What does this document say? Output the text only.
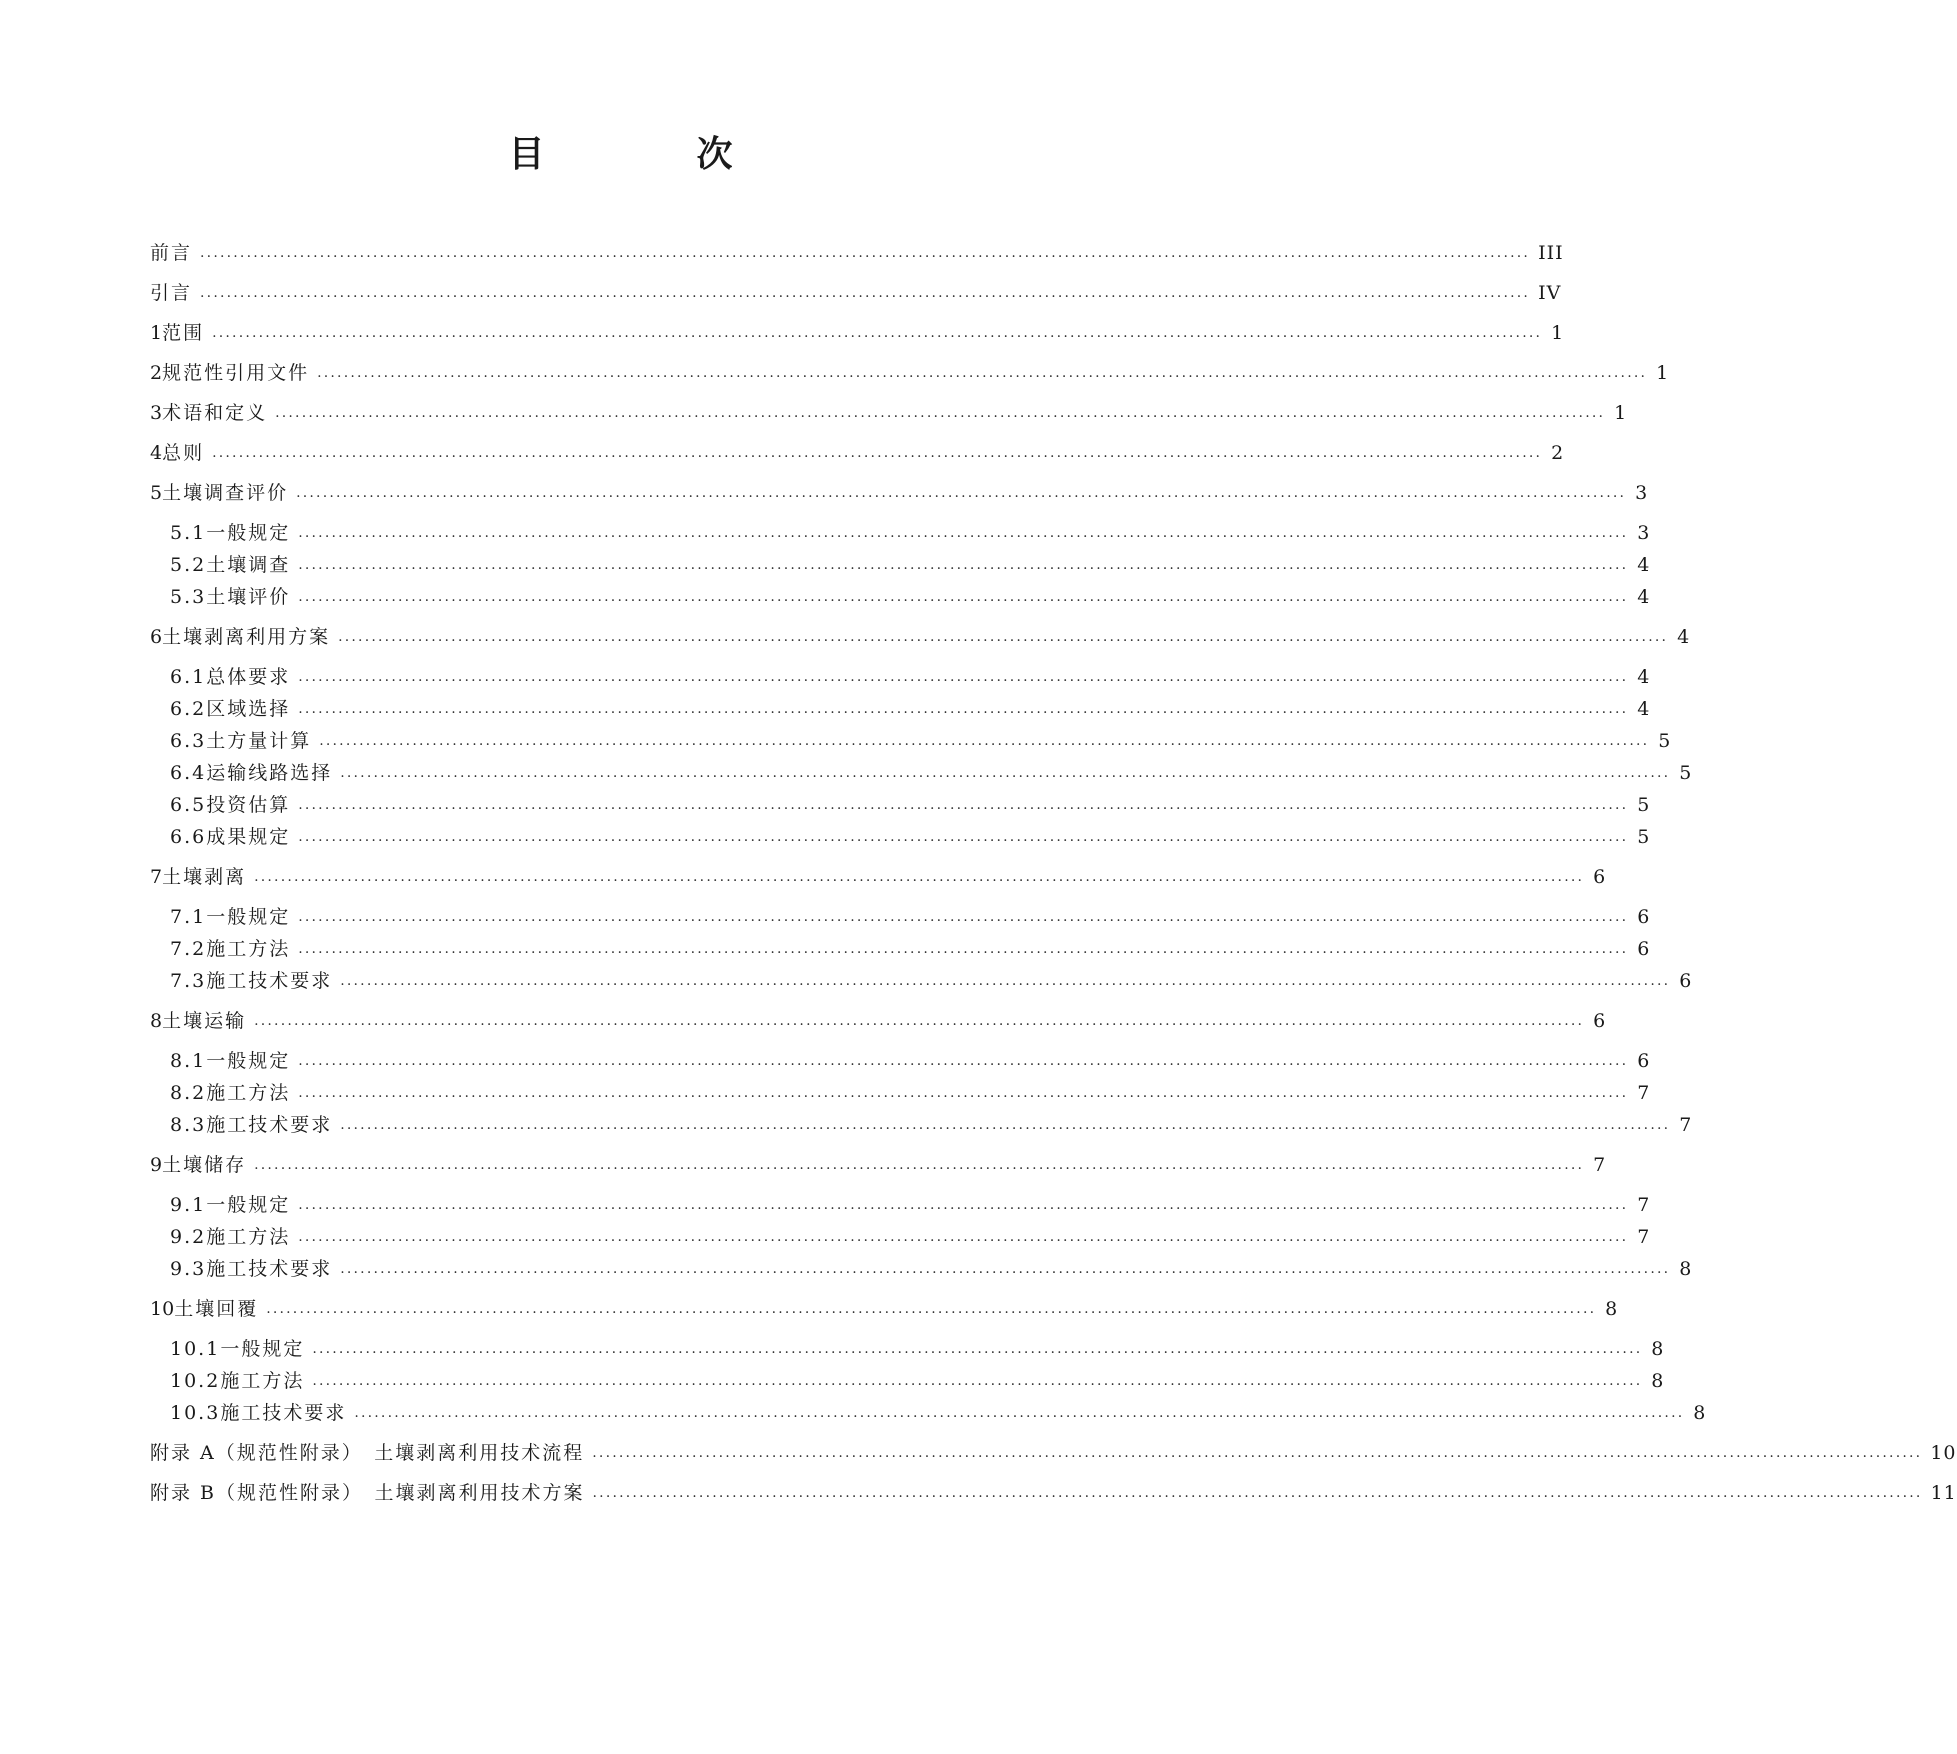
目　次
前言 ........................................................................................................................................................................................................ III
引言 ........................................................................................................................................................................................................ IV
1 范围 ........................................................................................................................................................................................................ 1
2 规范性引用文件 ........................................................................................................................................................................................................ 1
3 术语和定义 ........................................................................................................................................................................................................ 1
4 总则 ........................................................................................................................................................................................................ 2
5 土壤调查评价 ........................................................................................................................................................................................................ 3
5.1 一般规定 ........................................................................................................................................................................................................ 3
5.2 土壤调查 ........................................................................................................................................................................................................ 4
5.3 土壤评价 ........................................................................................................................................................................................................ 4
6 土壤剥离利用方案 ........................................................................................................................................................................................................ 4
6.1 总体要求 ........................................................................................................................................................................................................ 4
6.2 区域选择 ........................................................................................................................................................................................................ 4
6.3 土方量计算 ........................................................................................................................................................................................................ 5
6.4 运输线路选择 ........................................................................................................................................................................................................ 5
6.5 投资估算 ........................................................................................................................................................................................................ 5
6.6 成果规定 ........................................................................................................................................................................................................ 5
7 土壤剥离 ........................................................................................................................................................................................................ 6
7.1 一般规定 ........................................................................................................................................................................................................ 6
7.2 施工方法 ........................................................................................................................................................................................................ 6
7.3 施工技术要求 ........................................................................................................................................................................................................ 6
8 土壤运输 ........................................................................................................................................................................................................ 6
8.1 一般规定 ........................................................................................................................................................................................................ 6
8.2 施工方法 ........................................................................................................................................................................................................ 7
8.3 施工技术要求 ........................................................................................................................................................................................................ 7
9 土壤储存 ........................................................................................................................................................................................................ 7
9.1 一般规定 ........................................................................................................................................................................................................ 7
9.2 施工方法 ........................................................................................................................................................................................................ 7
9.3 施工技术要求 ........................................................................................................................................................................................................ 8
10 土壤回覆 ........................................................................................................................................................................................................ 8
10.1 一般规定 ........................................................................................................................................................................................................ 8
10.2 施工方法 ........................................................................................................................................................................................................ 8
10.3 施工技术要求 ........................................................................................................................................................................................................ 8
附录 A（规范性附录）　土壤剥离利用技术流程 ........................................................................................................................................................................................................ 10
附录 B（规范性附录）　土壤剥离利用技术方案 ........................................................................................................................................................................................................ 11
